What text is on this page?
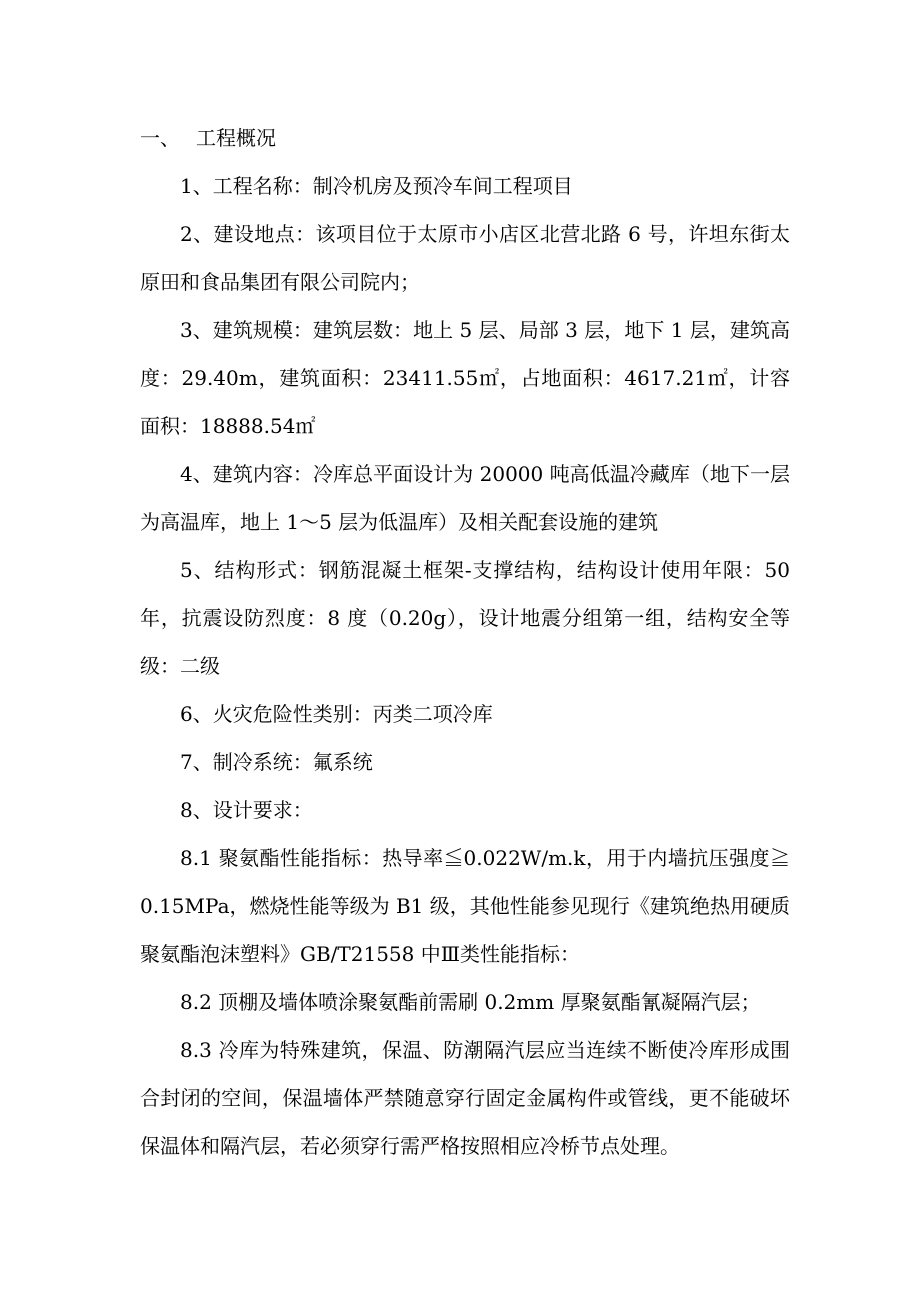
一、 工程概况

1、工程名称：制冷机房及预冷车间工程项目

2、建设地点：该项目位于太原市小店区北营北路 6 号，许坦东街太原田和食品集团有限公司院内；

3、建筑规模：建筑层数：地上 5 层、局部 3 层，地下 1 层，建筑高度：29.40m，建筑面积：23411.55㎡，占地面积：4617.21㎡，计容面积：18888.54㎡

4、建筑内容：冷库总平面设计为 20000 吨高低温冷藏库（地下一层为高温库，地上 1～5 层为低温库）及相关配套设施的建筑

5、结构形式：钢筋混凝土框架-支撑结构，结构设计使用年限：50 年，抗震设防烈度：8 度（0.20g），设计地震分组第一组，结构安全等级：二级

6、火灾危险性类别：丙类二项冷库

7、制冷系统：氟系统

8、设计要求：

8.1 聚氨酯性能指标：热导率≦0.022W/m.k，用于内墙抗压强度≧0.15MPa，燃烧性能等级为 B1 级，其他性能参见现行《建筑绝热用硬质聚氨酯泡沫塑料》GB/T21558 中Ⅲ类性能指标：

8.2 顶棚及墙体喷涂聚氨酯前需刷 0.2mm 厚聚氨酯氰凝隔汽层；

8.3 冷库为特殊建筑，保温、防潮隔汽层应当连续不断使冷库形成围合封闭的空间，保温墙体严禁随意穿行固定金属构件或管线，更不能破坏保温体和隔汽层，若必须穿行需严格按照相应冷桥节点处理。
